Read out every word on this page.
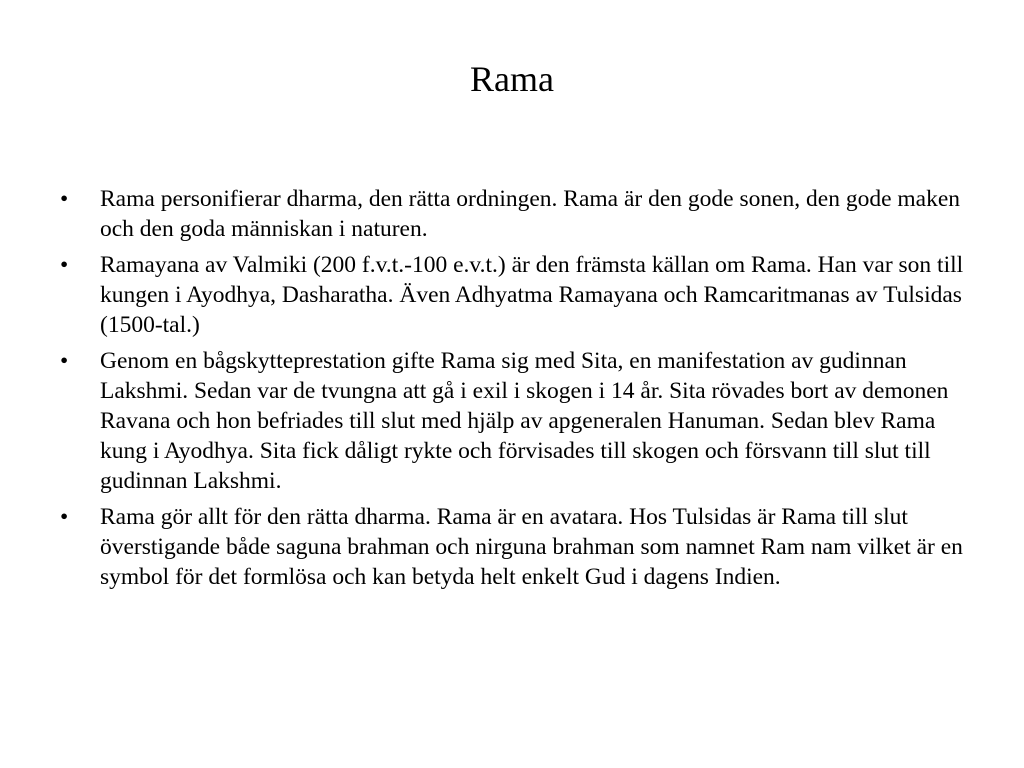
Rama
•	Rama personifierar dharma, den rätta ordningen. Rama är den gode sonen, den gode maken och den goda människan i naturen.
•	Ramayana av Valmiki (200 f.v.t.-100 e.v.t.) är den främsta källan om Rama. Han var son till kungen i Ayodhya, Dasharatha. Även Adhyatma Ramayana och Ramcaritmanas av Tulsidas (1500-tal.)
•	Genom en bågskytteprestation gifte Rama sig med Sita, en manifestation av gudinnan Lakshmi. Sedan var de tvungna att gå i exil i skogen i 14 år. Sita rövades bort av demonen Ravana och hon befriades till slut med hjälp av apgeneralen Hanuman. Sedan blev Rama kung i Ayodhya. Sita fick dåligt rykte och förvisades till skogen och försvann till slut till gudinnan Lakshmi.
•	Rama gör allt för den rätta dharma. Rama är en avatara. Hos Tulsidas är Rama till slut överstigande både saguna brahman och nirguna brahman som namnet Ram nam vilket är en symbol för det formlösa och kan betyda helt enkelt Gud i dagens Indien.
